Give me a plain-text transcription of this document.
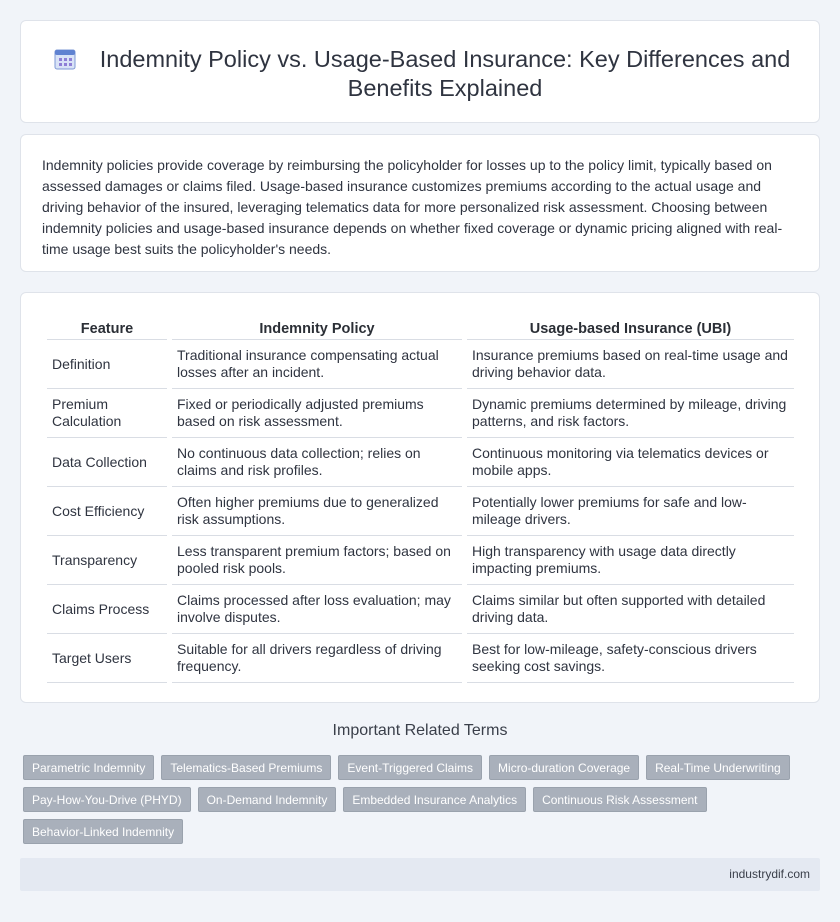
Indemnity Policy vs. Usage-Based Insurance: Key Differences and Benefits Explained

Indemnity policies provide coverage by reimbursing the policyholder for losses up to the policy limit, typically based on assessed damages or claims filed. Usage-based insurance customizes premiums according to the actual usage and driving behavior of the insured, leveraging telematics data for more personalized risk assessment. Choosing between indemnity policies and usage-based insurance depends on whether fixed coverage or dynamic pricing aligned with real-time usage best suits the policyholder's needs.

Feature	Indemnity Policy	Usage-based Insurance (UBI)
Definition	Traditional insurance compensating actual losses after an incident.	Insurance premiums based on real-time usage and driving behavior data.
Premium Calculation	Fixed or periodically adjusted premiums based on risk assessment.	Dynamic premiums determined by mileage, driving patterns, and risk factors.
Data Collection	No continuous data collection; relies on claims and risk profiles.	Continuous monitoring via telematics devices or mobile apps.
Cost Efficiency	Often higher premiums due to generalized risk assumptions.	Potentially lower premiums for safe and low-mileage drivers.
Transparency	Less transparent premium factors; based on pooled risk pools.	High transparency with usage data directly impacting premiums.
Claims Process	Claims processed after loss evaluation; may involve disputes.	Claims similar but often supported with detailed driving data.
Target Users	Suitable for all drivers regardless of driving frequency.	Best for low-mileage, safety-conscious drivers seeking cost savings.
Important Related Terms
Parametric Indemnity	Telematics-Based Premiums	Event-Triggered Claims	Micro-duration Coverage	Real-Time Underwriting
Pay-How-You-Drive (PHYD)	On-Demand Indemnity	Embedded Insurance Analytics	Continuous Risk Assessment
Behavior-Linked Indemnity
industrydif.com
